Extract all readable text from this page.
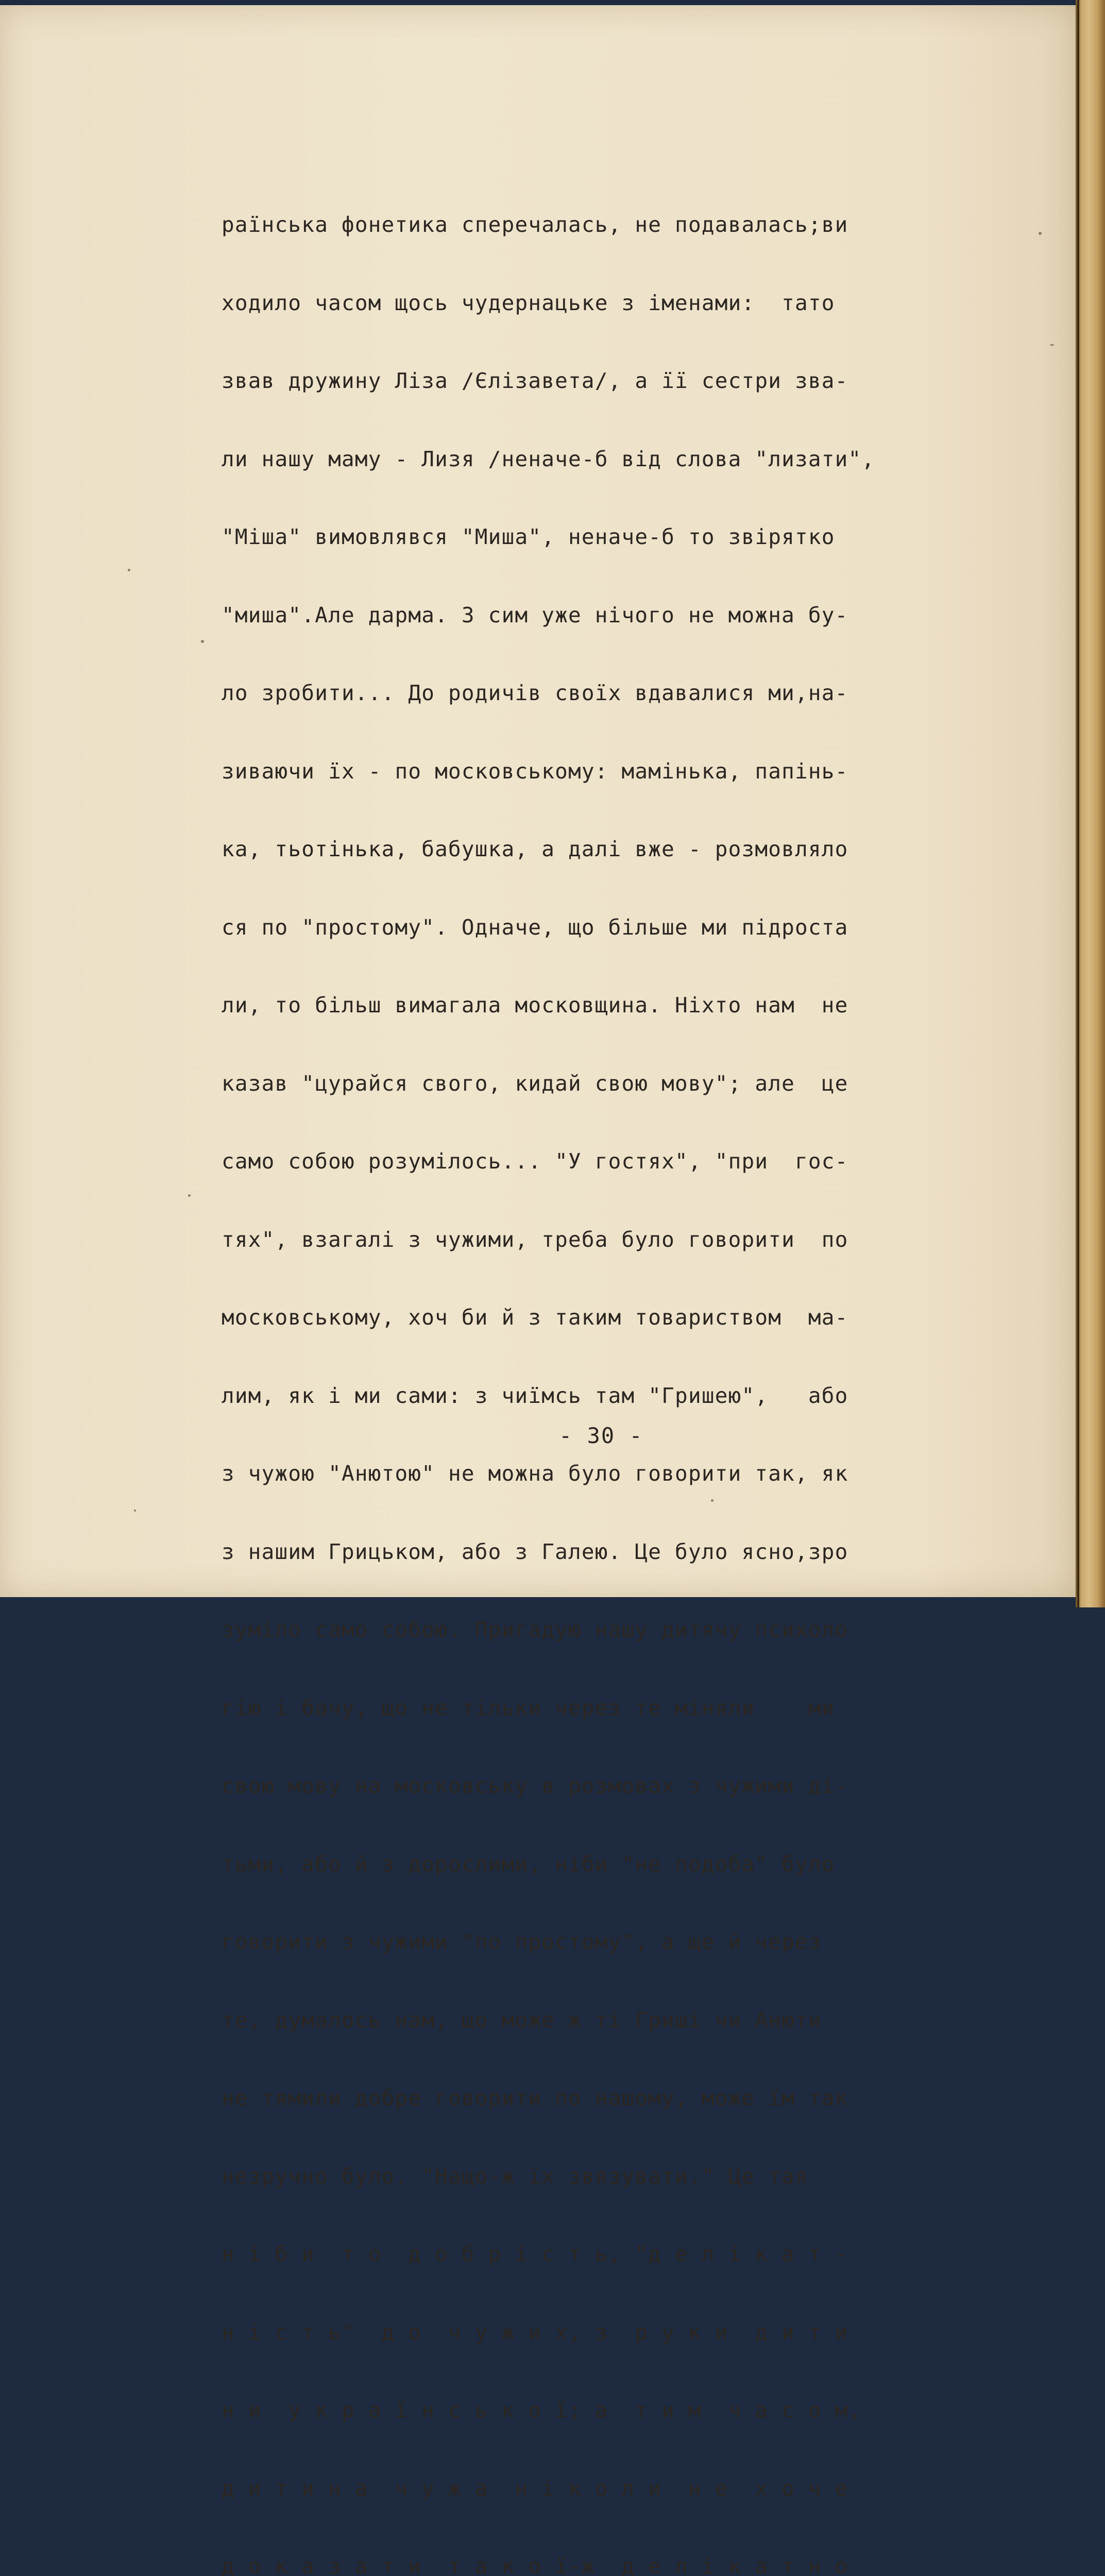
раїнська фонетика сперечалась, не подавалась;ви

ходило часом щось чудернацьке з іменами:  тато

звав дружину Ліза /Єлізавета/, а її сестри зва-

ли нашу маму - Лизя /неначе-б від слова "лизати",

"Міша" вимовлявся "Миша", неначе-б то звірятко

"миша".Але дарма. З сим уже нічого не можна бу-

ло зробити... До родичів своїх вдавалися ми,на-

зиваючи їх - по московському: мамінька, папінь-

ка, тьотінька, бабушка, а далі вже - розмовляло

ся по "простому". Одначе, що більше ми підроста

ли, то більш вимагала московщина. Ніхто нам  не

казав "цурайся свого, кидай свою мову"; але  це

само собою розумілось... "У гостях", "при  гос-

тях", взагалі з чужими, треба було говорити  по

московському, хоч би й з таким товариством  ма-

лим, як і ми сами: з чиїмсь там "Гришею",   або

з чужою "Анютою" не можна було говорити так, як

з нашим Грицьком, або з Галею. Це було ясно,зро

зуміло само собою. Пригадую нашу дитячу психоло

гію і бачу, що не тільки через те міняли    ми

свою мову на московську в розмовах з чужими ді-

тьми, або й з дорослими, ніби "не подоба" було

говорити з чужими "по простому", а ще й через

те, думалось нам, що може ж ті Гриші чи Анюти

не тямили добре говорити по нашому, може їм так

незручно було. "Нащо-ж їх звязувати." Це тая

н і б и  т о  д о б р і с т ь, "д е л і к а т -

н і с т ь"  д о  ч у ж и х, з  р у к и  д и т и

н и  у к р а ї н с ь к о ї; а  т и м  ч а с о м,

д и т и н а  ч у ж а  н і к о л и  н е  х о ч е

д о к а з а т и  т а к о ї-ж  д е л і к а т н о

- 30 -
